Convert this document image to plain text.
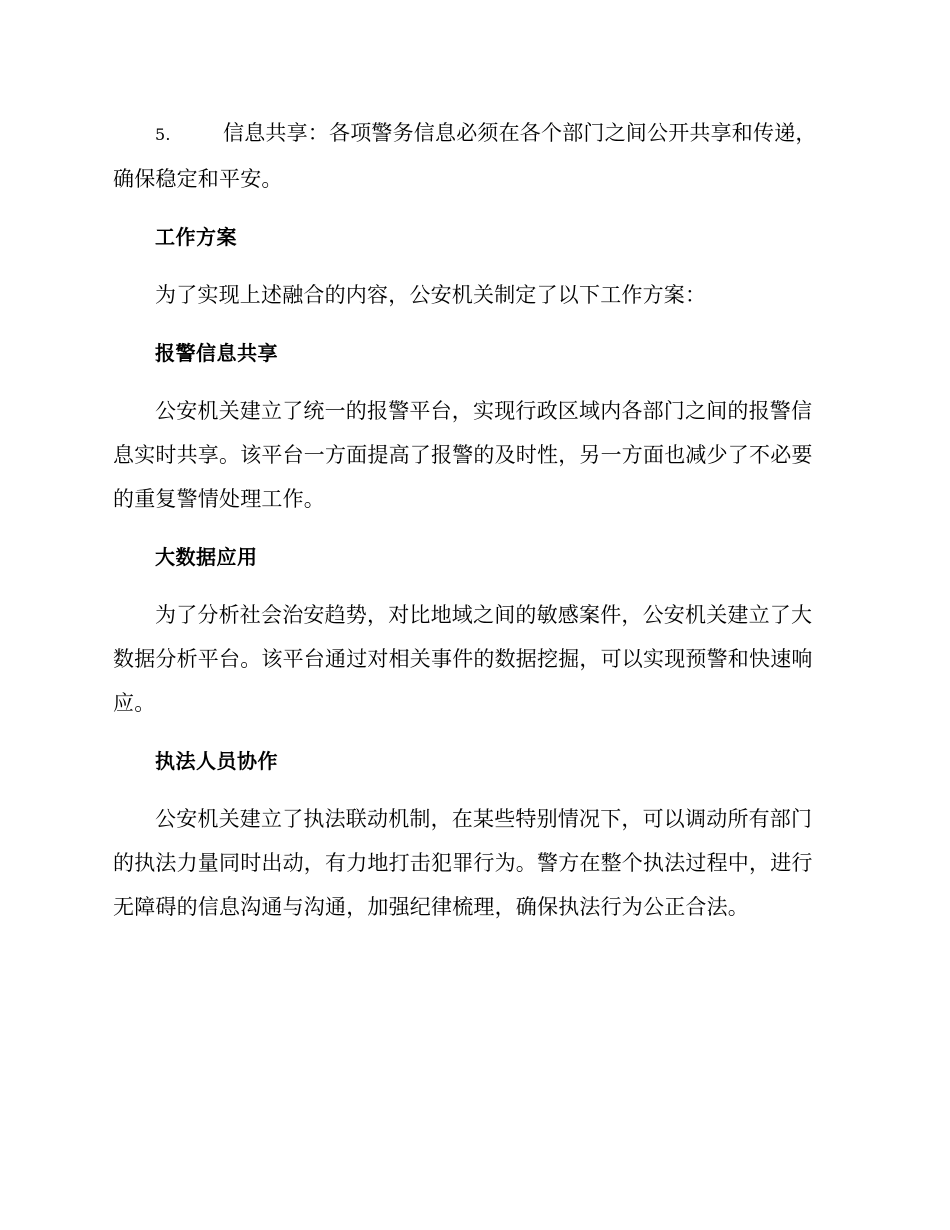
5. 信息共享：各项警务信息必须在各个部门之间公开共享和传递，确保稳定和平安。

工作方案

为了实现上述融合的内容，公安机关制定了以下工作方案：

报警信息共享

公安机关建立了统一的报警平台，实现行政区域内各部门之间的报警信息实时共享。该平台一方面提高了报警的及时性，另一方面也减少了不必要的重复警情处理工作。

大数据应用

为了分析社会治安趋势，对比地域之间的敏感案件，公安机关建立了大数据分析平台。该平台通过对相关事件的数据挖掘，可以实现预警和快速响应。

执法人员协作

公安机关建立了执法联动机制，在某些特别情况下，可以调动所有部门的执法力量同时出动，有力地打击犯罪行为。警方在整个执法过程中，进行无障碍的信息沟通与沟通，加强纪律梳理，确保执法行为公正合法。
